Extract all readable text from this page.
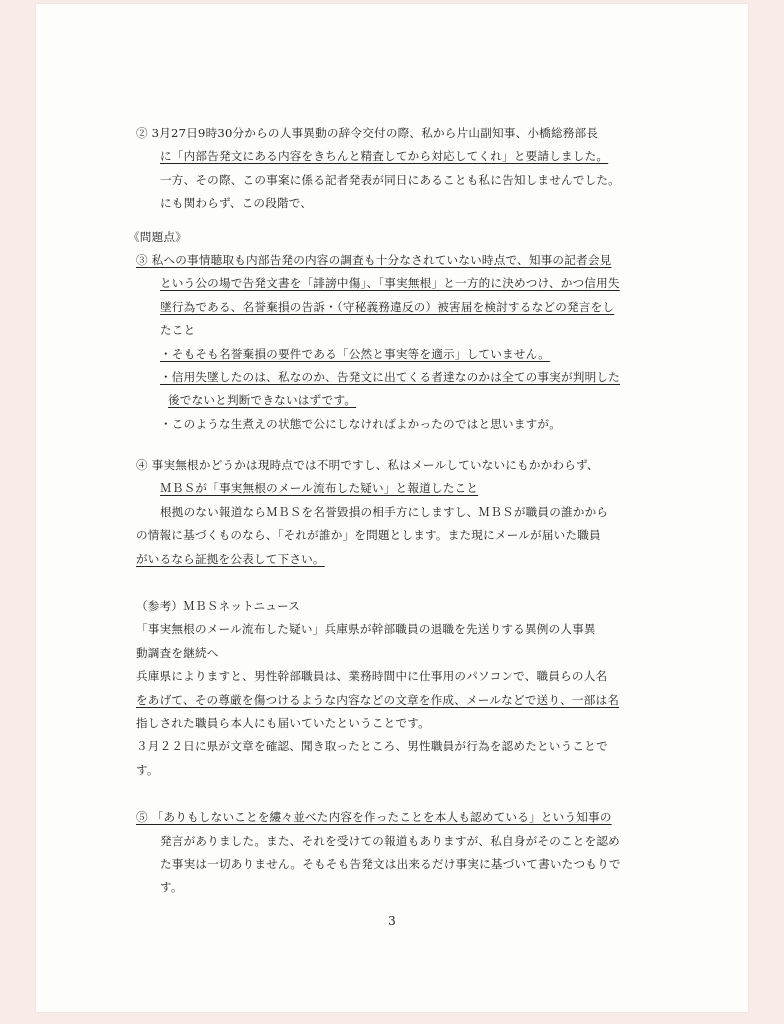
② 3月27日9時30分からの人事異動の辞令交付の際、私から片山副知事、小橋総務部長
に「内部告発文にある内容をきちんと精査してから対応してくれ」と要請しました。
一方、その際、この事案に係る記者発表が同日にあることも私に告知しませんでした。
にも関わらず、この段階で、
《問題点》
③ 私への事情聴取も内部告発の内容の調査も十分なされていない時点で、知事の記者会見
という公の場で告発文書を「誹謗中傷」、「事実無根」と一方的に決めつけ、かつ信用失
墜行為である、名誉棄損の告訴・（守秘義務違反の）被害届を検討するなどの発言をし
たこと
・そもそも名誉棄損の要件である「公然と事実等を適示」していません。
・信用失墜したのは、私なのか、告発文に出てくる者達なのかは全ての事実が判明した
後でないと判断できないはずです。
・このような生煮えの状態で公にしなければよかったのではと思いますが。
④ 事実無根かどうかは現時点では不明ですし、私はメールしていないにもかかわらず、
ＭＢＳが「事実無根のメール流布した疑い」と報道したこと
根拠のない報道ならＭＢＳを名誉毀損の相手方にしますし、ＭＢＳが職員の誰かから
の情報に基づくものなら、「それが誰か」を問題とします。また現にメールが届いた職員
がいるなら証拠を公表して下さい。
（参考）ＭＢＳネットニュース
「事実無根のメール流布した疑い」兵庫県が幹部職員の退職を先送りする異例の人事異
動調査を継続へ
兵庫県によりますと、男性幹部職員は、業務時間中に仕事用のパソコンで、職員らの人名
をあげて、その尊厳を傷つけるような内容などの文章を作成、メールなどで送り、一部は名
指しされた職員ら本人にも届いていたということです。
３月２２日に県が文章を確認、聞き取ったところ、男性職員が行為を認めたということで
す。
⑤ 「ありもしないことを縷々並べた内容を作ったことを本人も認めている」という知事の
発言がありました。また、それを受けての報道もありますが、私自身がそのことを認め
た事実は一切ありません。そもそも告発文は出来るだけ事実に基づいて書いたつもりで
す。
3
